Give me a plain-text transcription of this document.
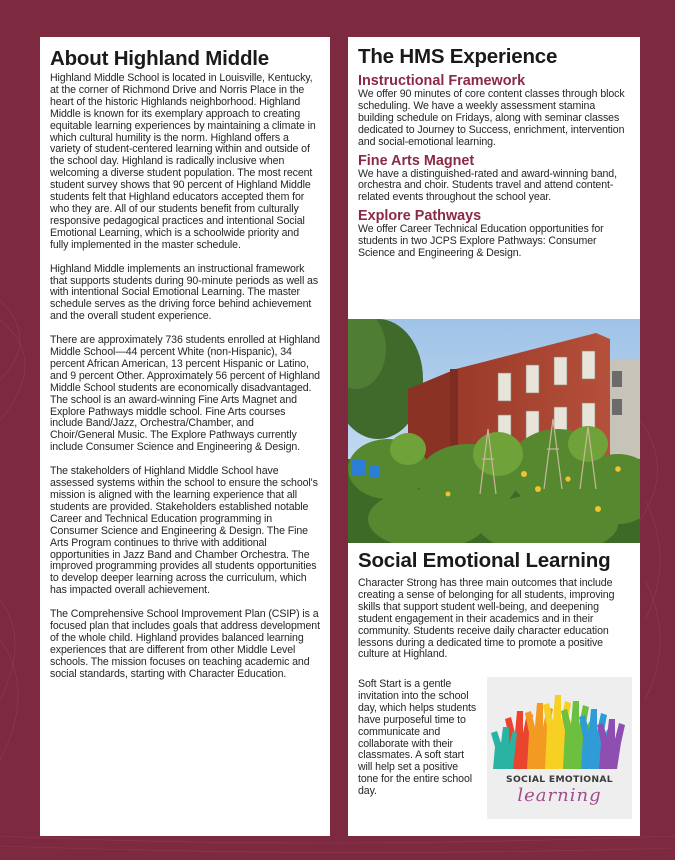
About Highland Middle

Highland Middle School is located in Louisville, Kentucky, at the corner of Richmond Drive and Norris Place in the heart of the historic Highlands neighborhood. Highland Middle is known for its exemplary approach to creating equitable learning experiences by maintaining a climate in which cultural humility is the norm. Highland offers a variety of student-centered learning within and outside of the school day. Highland is radically inclusive when welcoming a diverse student population. The most recent student survey shows that 90 percent of Highland Middle students felt that Highland educators accepted them for who they are. All of our students benefit from culturally responsive pedagogical practices and intentional Social Emotional Learning, which is a schoolwide priority and fully implemented in the master schedule.

Highland Middle implements an instructional framework that supports students during 90-minute periods as well as with intentional Social Emotional Learning. The master schedule serves as the driving force behind achievement and the overall student experience.

There are approximately 736 students enrolled at Highland Middle School—44 percent White (non-Hispanic), 34 percent African American, 13 percent Hispanic or Latino, and 9 percent Other. Approximately 56 percent of Highland Middle School students are economically disadvantaged. The school is an award-winning Fine Arts Magnet and Explore Pathways middle school. Fine Arts courses include Band/Jazz, Orchestra/Chamber, and Choir/General Music. The Explore Pathways currently include Consumer Science and Engineering & Design.

The stakeholders of Highland Middle School have assessed systems within the school to ensure the school's mission is aligned with the learning experience that all students are provided. Stakeholders established notable Career and Technical Education programming in Consumer Science and Engineering & Design. The Fine Arts Program continues to thrive with additional opportunities in Jazz Band and Chamber Orchestra. The improved programming provides all students opportunities to develop deeper learning across the curriculum, which has impacted overall achievement.

The Comprehensive School Improvement Plan (CSIP) is a focused plan that includes goals that address development of the whole child. Highland provides balanced learning experiences that are different from other Middle Level schools. The mission focuses on teaching academic and social standards, starting with Character Education.

The HMS Experience
Instructional Framework

We offer 90 minutes of core content classes through block scheduling. We have a weekly assessment stamina building schedule on Fridays, along with seminar classes dedicated to Journey to Success, enrichment, intervention and social-emotional learning.

Fine Arts Magnet

We have a distinguished-rated and award-winning band, orchestra and choir. Students travel and attend content-related events throughout the school year.

Explore Pathways

We offer Career Technical Education opportunities for students in two JCPS Explore Pathways: Consumer Science and Engineering & Design.

Social Emotional Learning

Character Strong has three main outcomes that include creating a sense of belonging for all students, improving skills that support student well-being, and deepening student engagement in their academics and in their community. Students receive daily character education lessons during a dedicated time to promote a positive culture at Highland.

Soft Start is a gentle invitation into the school day, which helps students have purposeful time to communicate and collaborate with their classmates. A soft start will help set a positive tone for the entire school day.

SOCIAL EMOTIONAL
learning
